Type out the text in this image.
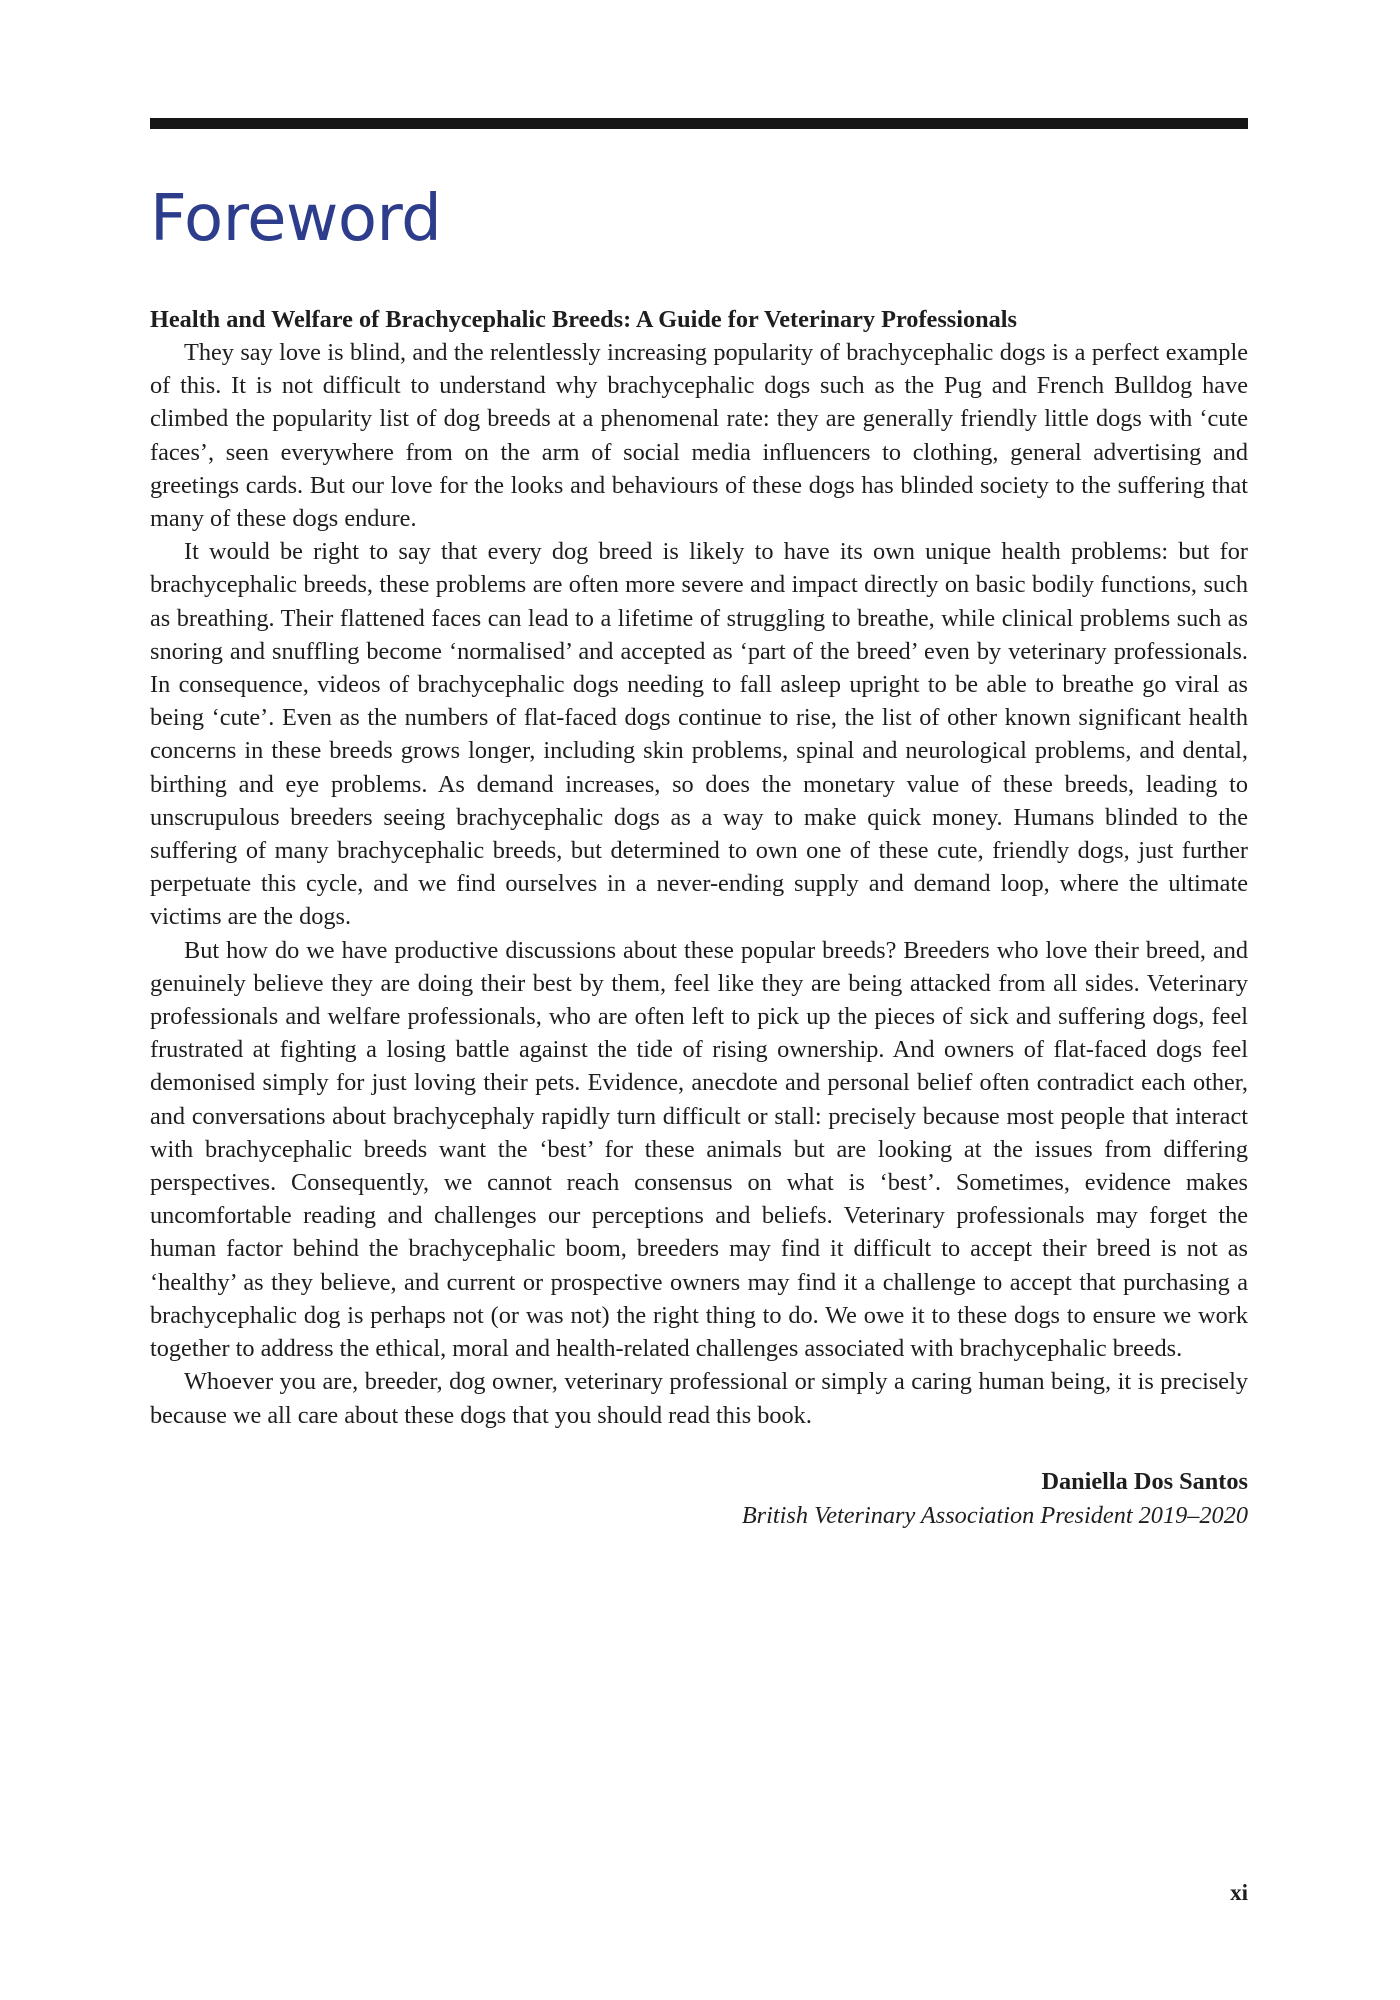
Foreword
Health and Welfare of Brachycephalic Breeds: A Guide for Veterinary Professionals

They say love is blind, and the relentlessly increasing popularity of brachycephalic dogs is a perfect example of this. It is not difficult to understand why brachycephalic dogs such as the Pug and French Bulldog have climbed the popularity list of dog breeds at a phenomenal rate: they are generally friendly little dogs with ‘cute faces’, seen everywhere from on the arm of social media influencers to clothing, general advertising and greetings cards. But our love for the looks and behaviours of these dogs has blinded society to the suffering that many of these dogs endure.

It would be right to say that every dog breed is likely to have its own unique health problems: but for brachycephalic breeds, these problems are often more severe and impact directly on basic bodily functions, such as breathing. Their flattened faces can lead to a lifetime of struggling to breathe, while clinical problems such as snoring and snuffling become ‘normalised’ and accepted as ‘part of the breed’ even by veterinary professionals. In consequence, videos of brachycephalic dogs needing to fall asleep upright to be able to breathe go viral as being ‘cute’. Even as the numbers of flat-faced dogs continue to rise, the list of other known significant health concerns in these breeds grows longer, including skin problems, spinal and neurological problems, and dental, birthing and eye problems. As demand increases, so does the monetary value of these breeds, leading to unscrupulous breeders seeing brachycephalic dogs as a way to make quick money. Humans blinded to the suffering of many brachycephalic breeds, but determined to own one of these cute, friendly dogs, just further perpetuate this cycle, and we find ourselves in a never-ending supply and demand loop, where the ultimate victims are the dogs.

But how do we have productive discussions about these popular breeds? Breeders who love their breed, and genuinely believe they are doing their best by them, feel like they are being attacked from all sides. Veterinary professionals and welfare professionals, who are often left to pick up the pieces of sick and suffering dogs, feel frustrated at fighting a losing battle against the tide of rising ownership. And owners of flat-faced dogs feel demonised simply for just loving their pets. Evidence, anecdote and personal belief often contradict each other, and conversations about brachycephaly rapidly turn difficult or stall: precisely because most people that interact with brachycephalic breeds want the ‘best’ for these animals but are looking at the issues from differing perspectives. Consequently, we cannot reach consensus on what is ‘best’. Sometimes, evidence makes uncomfortable reading and challenges our perceptions and beliefs. Veterinary professionals may forget the human factor behind the brachycephalic boom, breeders may find it difficult to accept their breed is not as ‘healthy’ as they believe, and current or prospective owners may find it a challenge to accept that purchasing a brachycephalic dog is perhaps not (or was not) the right thing to do. We owe it to these dogs to ensure we work together to address the ethical, moral and health-related challenges associated with brachycephalic breeds.

Whoever you are, breeder, dog owner, veterinary professional or simply a caring human being, it is precisely because we all care about these dogs that you should read this book.

Daniella Dos Santos
British Veterinary Association President 2019–2020
xi
